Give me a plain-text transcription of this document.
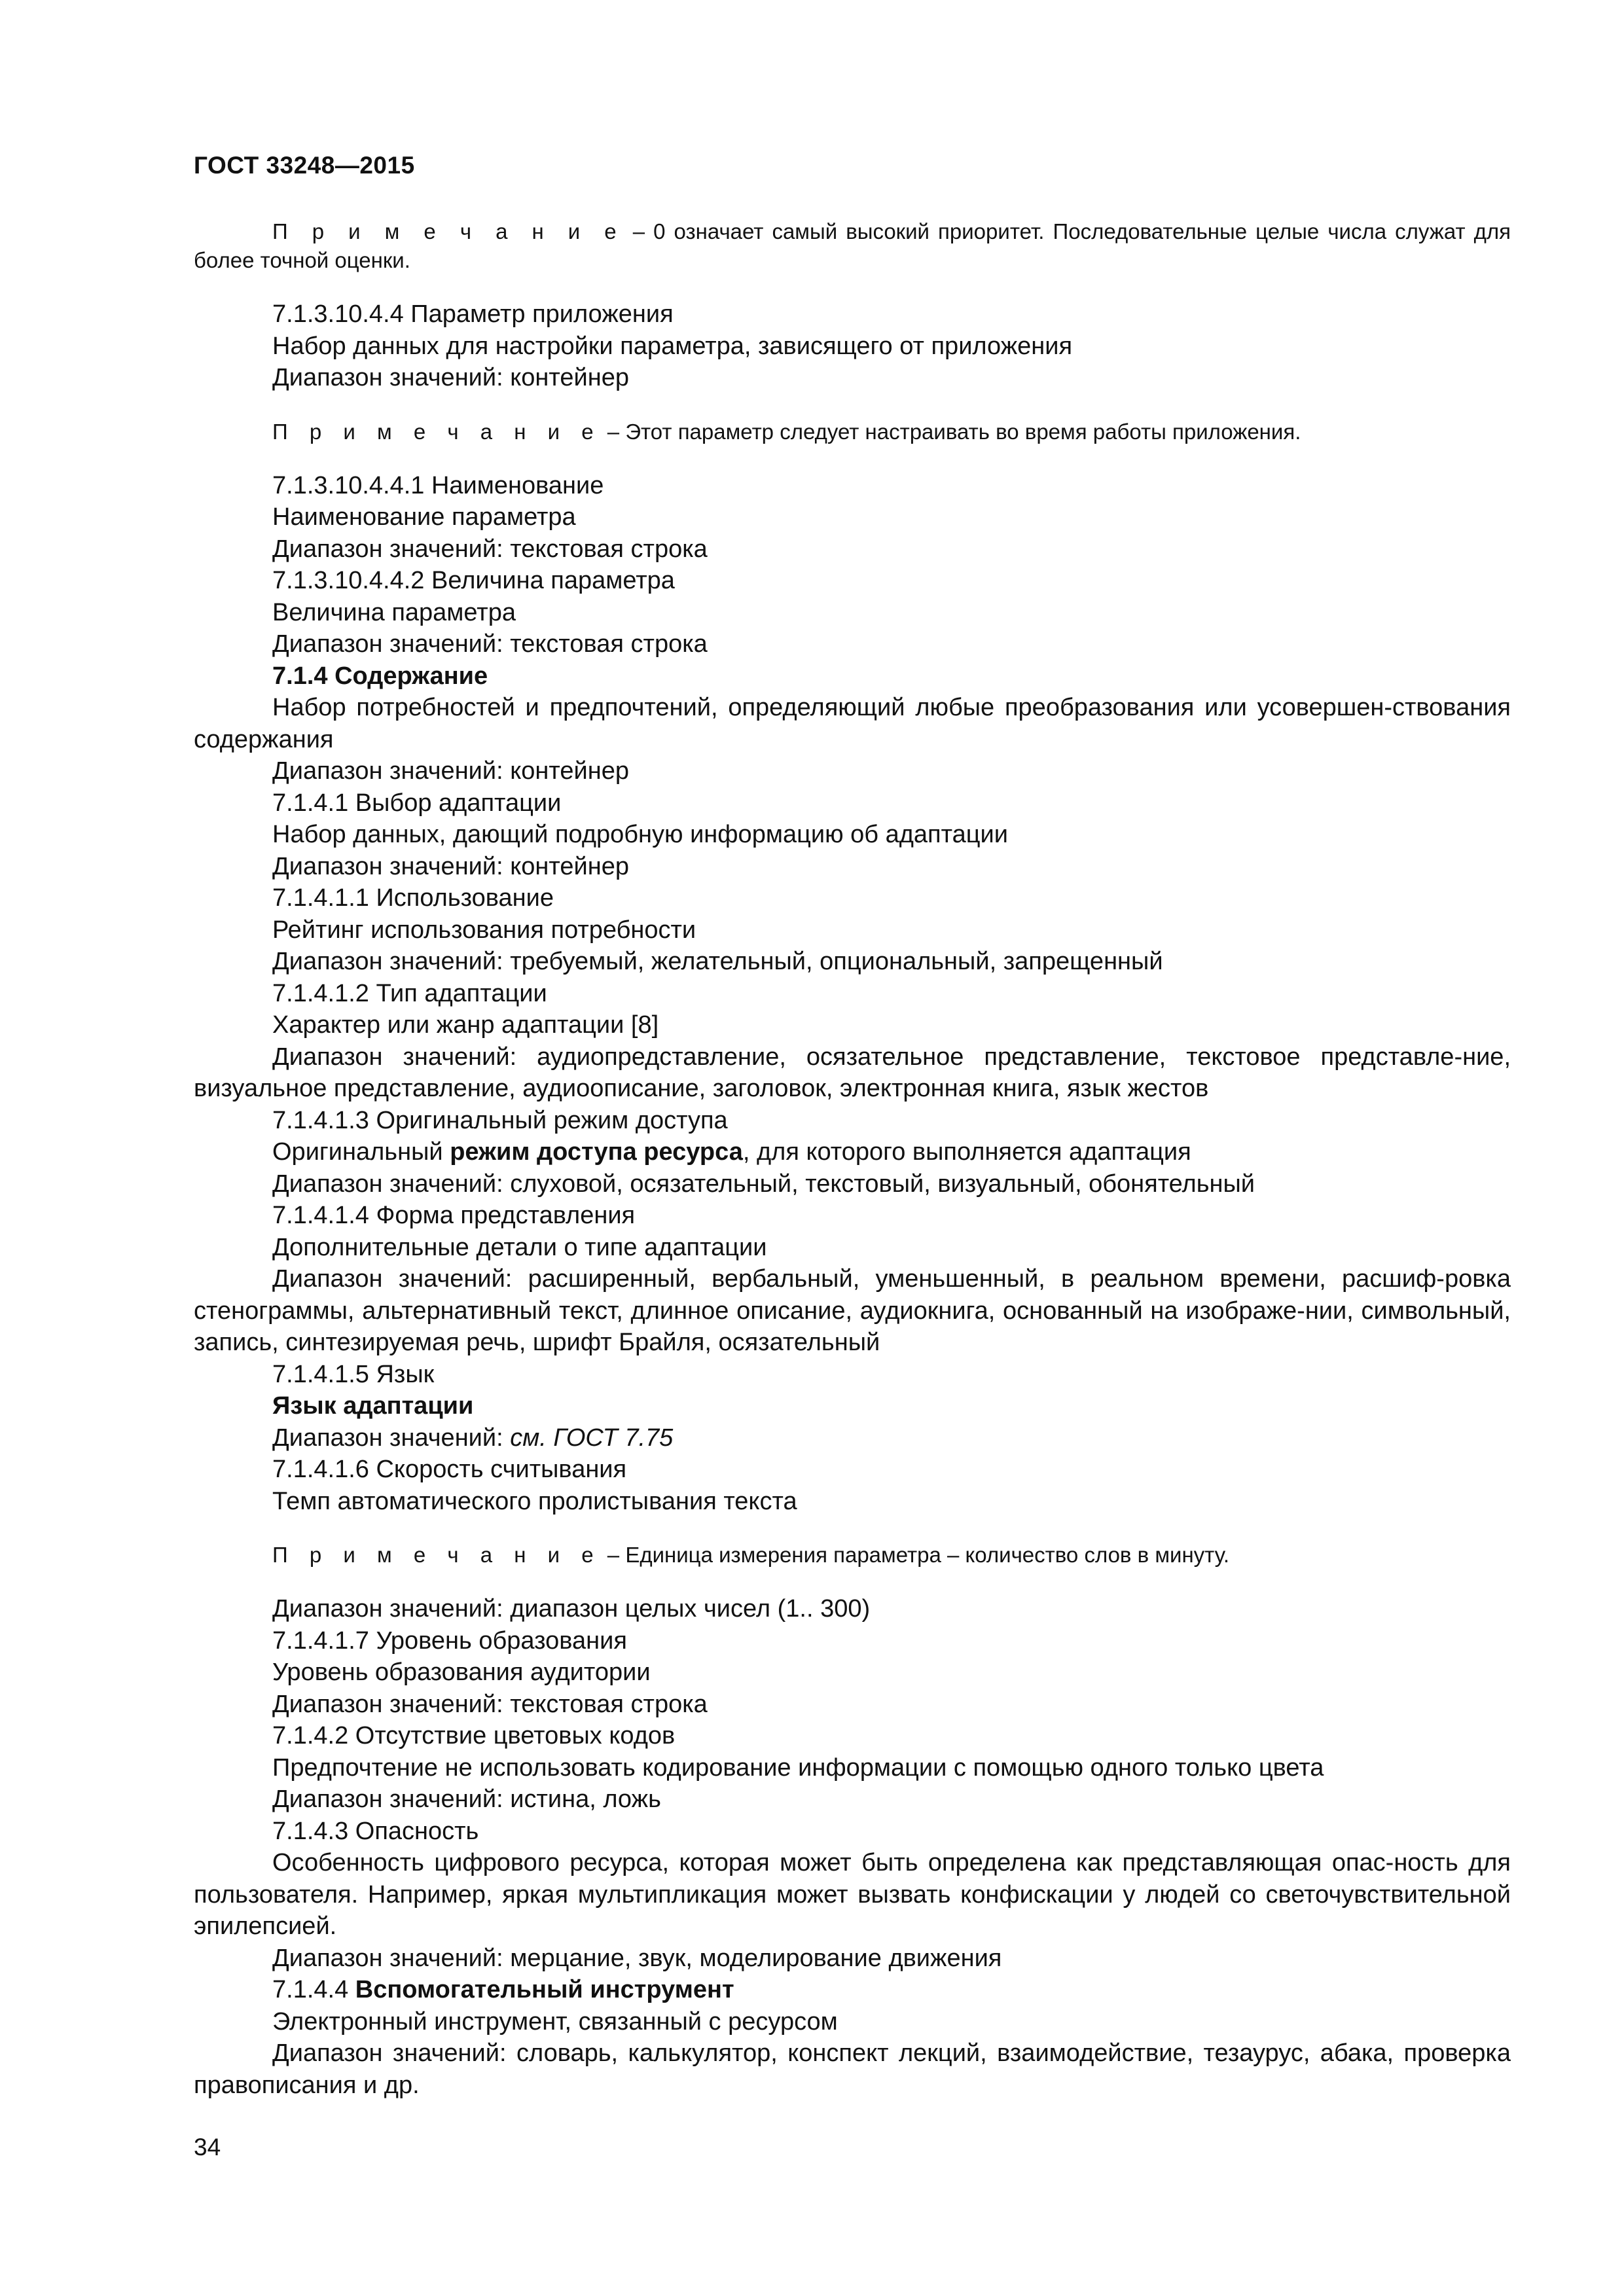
ГОСТ 33248—2015
П р и м е ч а н и е – 0 означает самый высокий приоритет. Последовательные целые числа служат для более точной оценки.
7.1.3.10.4.4 Параметр приложения
Набор данных для настройки параметра, зависящего от приложения
Диапазон значений: контейнер
П р и м е ч а н и е – Этот параметр следует настраивать во время работы приложения.
7.1.3.10.4.4.1 Наименование
Наименование параметра
Диапазон значений: текстовая строка
7.1.3.10.4.4.2 Величина параметра
Величина параметра
Диапазон значений: текстовая строка
7.1.4 Содержание
Набор потребностей и предпочтений, определяющий любые преобразования или усовершен-ствования содержания
Диапазон значений: контейнер
7.1.4.1 Выбор адаптации
Набор данных, дающий подробную информацию об адаптации
Диапазон значений: контейнер
7.1.4.1.1 Использование
Рейтинг использования потребности
Диапазон значений: требуемый, желательный, опциональный, запрещенный
7.1.4.1.2 Тип адаптации
Характер или жанр адаптации [8]
Диапазон значений: аудиопредставление, осязательное представление, текстовое представле-ние, визуальное представление, аудиоописание, заголовок, электронная книга, язык жестов
7.1.4.1.3 Оригинальный режим доступа
Оригинальный режим доступа ресурса, для которого выполняется адаптация
Диапазон значений: слуховой, осязательный, текстовый, визуальный, обонятельный
7.1.4.1.4 Форма представления
Дополнительные детали о типе адаптации
Диапазон значений: расширенный, вербальный, уменьшенный, в реальном времени, расшиф-ровка стенограммы, альтернативный текст, длинное описание, аудиокнига, основанный на изображе-нии, символьный, запись, синтезируемая речь, шрифт Брайля, осязательный
7.1.4.1.5 Язык
Язык адаптации
Диапазон значений: см. ГОСТ 7.75
7.1.4.1.6 Скорость считывания
Темп автоматического пролистывания текста
П р и м е ч а н и е – Единица измерения параметра – количество слов в минуту.
Диапазон значений: диапазон целых чисел (1.. 300)
7.1.4.1.7 Уровень образования
Уровень образования аудитории
Диапазон значений: текстовая строка
7.1.4.2 Отсутствие цветовых кодов
Предпочтение не использовать кодирование информации с помощью одного только цвета
Диапазон значений: истина, ложь
7.1.4.3 Опасность
Особенность цифрового ресурса, которая может быть определена как представляющая опас-ность для пользователя. Например, яркая мультипликация может вызвать конфискации у людей со светочувствительной эпилепсией.
Диапазон значений: мерцание, звук, моделирование движения
7.1.4.4 Вспомогательный инструмент
Электронный инструмент, связанный с ресурсом
Диапазон значений: словарь, калькулятор, конспект лекций, взаимодействие, тезаурус, абака, проверка правописания и др.
34
